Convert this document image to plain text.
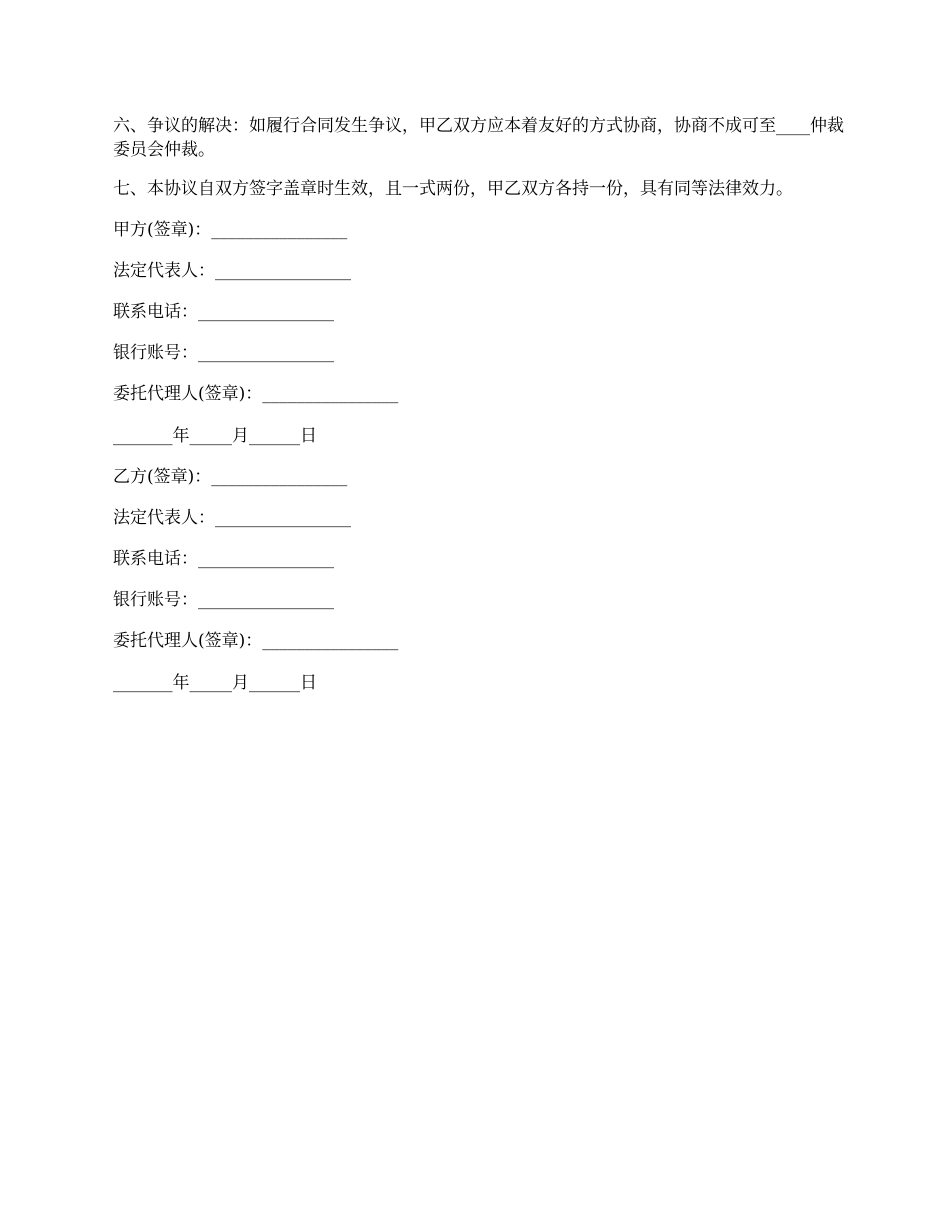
六、争议的解决：如履行合同发生争议，甲乙双方应本着友好的方式协商，协商不成可至____仲裁委员会仲裁。

七、本协议自双方签字盖章时生效，且一式两份，甲乙双方各持一份，具有同等法律效力。

甲方(签章)：________________

法定代表人：________________

联系电话：________________

银行账号：________________

委托代理人(签章)：________________

_______年_____月______日

乙方(签章)：________________

法定代表人：________________

联系电话：________________

银行账号：________________

委托代理人(签章)：________________

_______年_____月______日
